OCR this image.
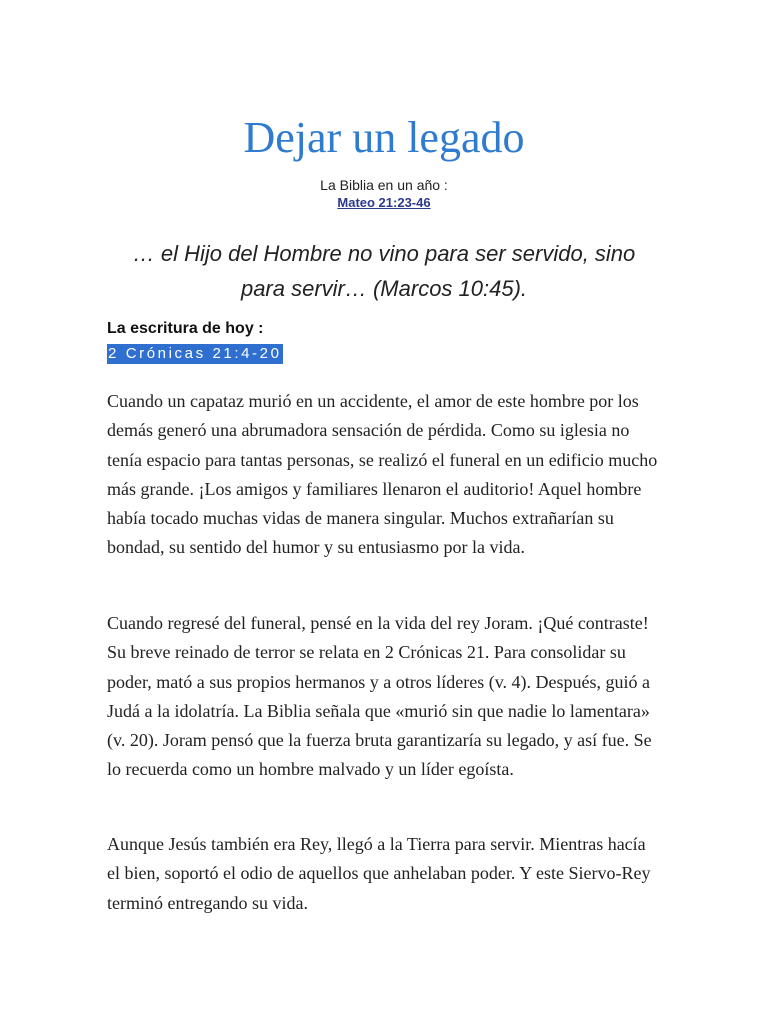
Dejar un legado
La Biblia en un año :
Mateo 21:23-46
… el Hijo del Hombre no vino para ser servido, sino para servir… (Marcos 10:45).
La escritura de hoy :
2 Crónicas 21:4-20

Cuando un capataz murió en un accidente, el amor de este hombre por los demás generó una abrumadora sensación de pérdida. Como su iglesia no tenía espacio para tantas personas, se realizó el funeral en un edificio mucho más grande. ¡Los amigos y familiares llenaron el auditorio! Aquel hombre había tocado muchas vidas de manera singular. Muchos extrañarían su bondad, su sentido del humor y su entusiasmo por la vida.

Cuando regresé del funeral, pensé en la vida del rey Joram. ¡Qué contraste! Su breve reinado de terror se relata en 2 Crónicas 21. Para consolidar su poder, mató a sus propios hermanos y a otros líderes (v. 4). Después, guió a Judá a la idolatría. La Biblia señala que «murió sin que nadie lo lamentara» (v. 20). Joram pensó que la fuerza bruta garantizaría su legado, y así fue. Se lo recuerda como un hombre malvado y un líder egoísta.

Aunque Jesús también era Rey, llegó a la Tierra para servir. Mientras hacía el bien, soportó el odio de aquellos que anhelaban poder. Y este Siervo-Rey terminó entregando su vida.
